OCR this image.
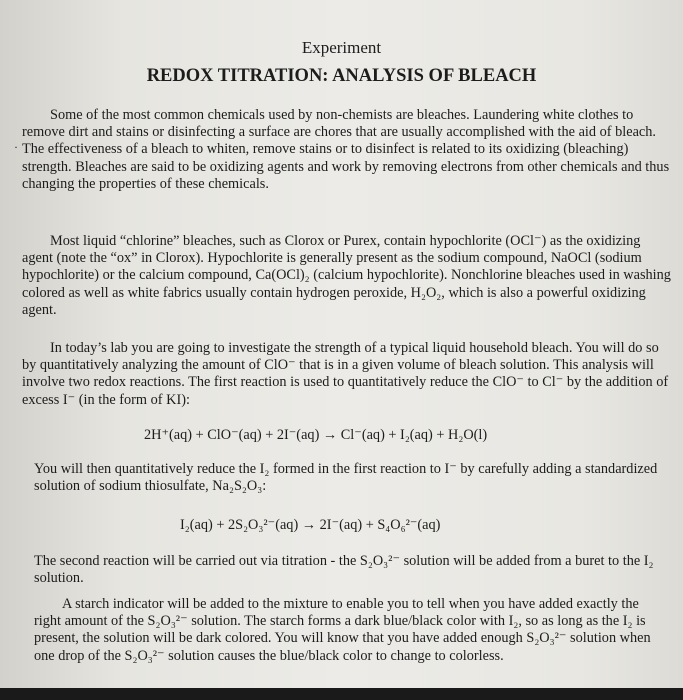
Experiment
REDOX TITRATION: ANALYSIS OF BLEACH
·

Some of the most common chemicals used by non-chemists are bleaches. Laundering white clothes to remove dirt and stains or disinfecting a surface are chores that are usually accomplished with the aid of bleach. The effectiveness of a bleach to whiten, remove stains or to disinfect is related to its oxidizing (bleaching) strength. Bleaches are said to be oxidizing agents and work by removing electrons from other chemicals and thus changing the properties of these chemicals.

Most liquid “chlorine” bleaches, such as Clorox or Purex, contain hypochlorite (OCl⁻) as the oxidizing agent (note the “ox” in Clorox). Hypochlorite is generally present as the sodium compound, NaOCl (sodium hypochlorite) or the calcium compound, Ca(OCl)₂ (calcium hypochlorite). Nonchlorine bleaches used in washing colored as well as white fabrics usually contain hydrogen peroxide, H₂O₂, which is also a powerful oxidizing agent.

In today’s lab you are going to investigate the strength of a typical liquid household bleach. You will do so by quantitatively analyzing the amount of ClO⁻ that is in a given volume of bleach solution. This analysis will involve two redox reactions. The first reaction is used to quantitatively reduce the ClO⁻ to Cl⁻ by the addition of excess I⁻ (in the form of KI):

2H⁺(aq) + ClO⁻(aq) + 2I⁻(aq) → Cl⁻(aq) + I₂(aq) + H₂O(l)

You will then quantitatively reduce the I₂ formed in the first reaction to I⁻ by carefully adding a standardized solution of sodium thiosulfate, Na₂S₂O₃:

I₂(aq) + 2S₂O₃²⁻(aq) → 2I⁻(aq) + S₄O₆²⁻(aq)

The second reaction will be carried out via titration - the S₂O₃²⁻ solution will be added from a buret to the I₂ solution.

A starch indicator will be added to the mixture to enable you to tell when you have added exactly the right amount of the S₂O₃²⁻ solution. The starch forms a dark blue/black color with I₂, so as long as the I₂ is present, the solution will be dark colored. You will know that you have added enough S₂O₃²⁻ solution when one drop of the S₂O₃²⁻ solution causes the blue/black color to change to colorless.
